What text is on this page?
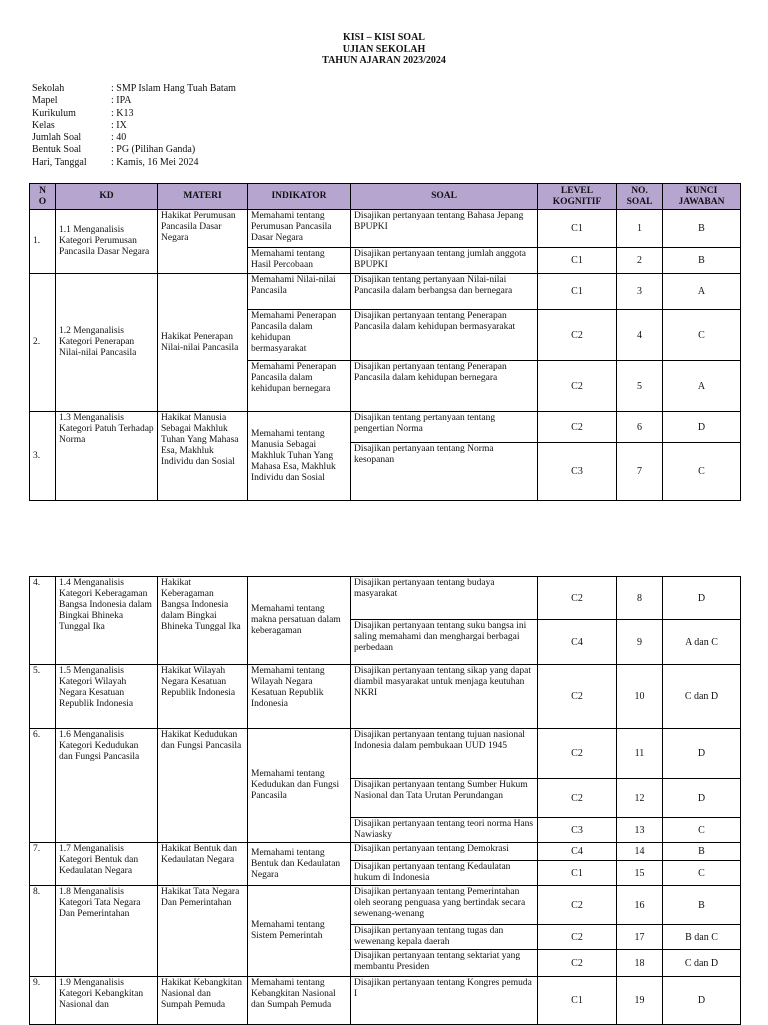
KISI – KISI SOAL
UJIAN SEKOLAH
TAHUN AJARAN 2023/2024
Sekolah	: SMP Islam Hang Tuah Batam
Mapel	: IPA
Kurikulum	: K13
Kelas	: IX
Jumlah Soal	: 40
Bentuk Soal	: PG (Pilihan Ganda)
Hari, Tanggal	: Kamis, 16 Mei 2024
N
O	KD	MATERI	INDIKATOR	SOAL	LEVEL KOGNITIF	NO. SOAL	KUNCI JAWABAN
1.	1.1 Menganalisis Kategori Perumusan Pancasila Dasar Negara	Hakikat Perumusan Pancasila Dasar Negara	Memahami tentang Perumusan Pancasila Dasar Negara	Disajikan pertanyaan tentang Bahasa Jepang BPUPKI	C1	1	B
			Memahami tentang Hasil Percobaan	Disajikan pertanyaan tentang jumlah anggota BPUPKI	C1	2	B
2.	1.2 Menganalisis Kategori Penerapan Nilai-nilai Pancasila	Hakikat Penerapan Nilai-nilai Pancasila	Memahami Nilai-nilai Pancasila	Disajikan tentang pertanyaan Nilai-nilai Pancasila dalam berbangsa dan bernegara	C1	3	A
			Memahami Penerapan Pancasila dalam kehidupan bermasyarakat	Disajikan pertanyaan tentang Penerapan Pancasila dalam kehidupan bermasyarakat	C2	4	C
			Memahami Penerapan Pancasila dalam kehidupan bernegara	Disajikan pertanyaan tentang Penerapan Pancasila dalam kehidupan bernegara	C2	5	A
3.	1.3 Menganalisis Kategori Patuh Terhadap Norma	Hakikat Manusia Sebagai Makhluk Tuhan Yang Mahasa Esa, Makhluk Individu dan Sosial	Memahami tentang Manusia Sebagai Makhluk Tuhan Yang Mahasa Esa, Makhluk Individu dan Sosial	Disajikan tentang pertanyaan tentang pengertian Norma	C2	6	D
				Disajikan pertanyaan tentang Norma kesopanan	C3	7	C
4.	1.4 Menganalisis Kategori Keberagaman Bangsa Indonesia dalam Bingkai Bhineka Tunggal Ika	Hakikat Keberagaman Bangsa Indonesia dalam Bingkai Bhineka Tunggal Ika	Memahami tentang makna persatuan dalam keberagaman	Disajikan pertanyaan tentang budaya masyarakat	C2	8	D
				Disajikan pertanyaan tentang suku bangsa ini saling memahami dan menghargai berbagai perbedaan	C4	9	A dan C
5.	1.5 Menganalisis Kategori Wilayah Negara Kesatuan Republik Indonesia	Hakikat Wilayah Negara Kesatuan Republik Indonesia	Memahami tentang Wilayah Negara Kesatuan Republik Indonesia	Disajikan pertanyaan tentang sikap yang dapat diambil masyarakat untuk menjaga keutuhan NKRI	C2	10	C dan D
6.	1.6 Menganalisis Kategori Kedudukan dan Fungsi Pancasila	Hakikat Kedudukan dan Fungsi Pancasila	Memahami tentang Kedudukan dan Fungsi Pancasila	Disajikan pertanyaan tentang tujuan nasional Indonesia dalam pembukaan UUD 1945	C2	11	D
				Disajikan pertanyaan tentang Sumber Hukum Nasional dan Tata Urutan Perundangan	C2	12	D
				Disajikan pertanyaan tentang teori norma Hans Nawiasky	C3	13	C
7.	1.7 Menganalisis Kategori Bentuk dan Kedaulatan Negara	Hakikat Bentuk dan Kedaulatan Negara	Memahami tentang Bentuk dan Kedaulatan Negara	Disajikan pertanyaan tentang Demokrasi	C4	14	B
				Disajikan pertanyaan tentang Kedaulatan hukum di Indonesia	C1	15	C
8.	1.8 Menganalisis Kategori Tata Negara Dan Pemerintahan	Hakikat Tata Negara Dan Pemerintahan	Memahami tentang Sistem Pemerintah	Disajikan pertanyaan tentang Pemerintahan oleh seorang penguasa yang bertindak secara sewenang-wenang	C2	16	B
				Disajikan pertanyaan tentang tugas dan wewenang kepala daerah	C2	17	B dan C
				Disajikan pertanyaan tentang sektariat yang membantu Presiden	C2	18	C dan D
9.	1.9 Menganalisis Kategori Kebangkitan Nasional dan	Hakikat Kebangkitan Nasional dan Sumpah Pemuda	Memahami tentang Kebangkitan Nasional dan Sumpah Pemuda	Disajikan pertanyaan tentang Kongres pemuda I	C1	19	D
